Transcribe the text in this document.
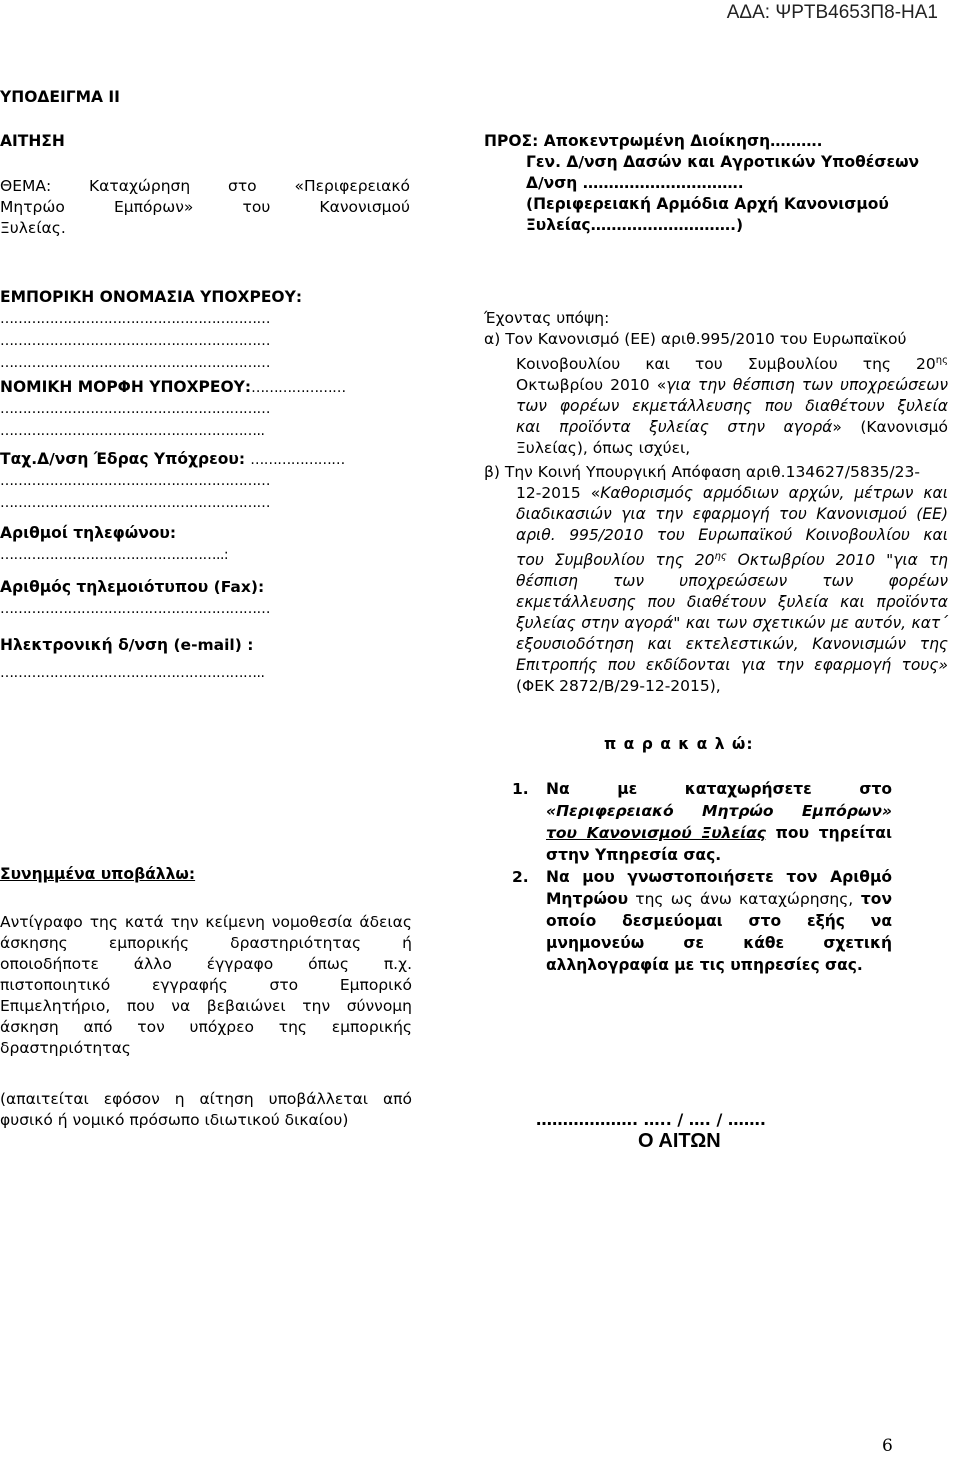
ΑΔΑ: ΨΡΤΒ4653Π8-ΗΑ1
ΥΠΟΔΕΙΓΜΑ ΙΙ
ΑΙΤΗΣΗ
ΘΕΜΑ: Καταχώρηση στο «Περιφερειακό
Μητρώο Εμπόρων» του Κανονισμού
Ξυλείας.
ΠΡΟΣ: Αποκεντρωμένη Διοίκηση……….
Γεν. Δ/νση Δασών και Αγροτικών Υποθέσεων
Δ/νση ………………………….
(Περιφερειακή Αρμόδια Αρχή Κανονισμού
Ξυλείας……………………….)
ΕΜΠΟΡΙΚΗ ΟΝΟΜΑΣΙΑ ΥΠΟΧΡΕΟΥ:
……………………………………………………
……………………………………………………
……………………………………………………
ΝΟΜΙΚΗ ΜΟΡΦΗ ΥΠΟΧΡΕΟΥ:…………………
……………………………………………………
…………………………………………………..
Ταχ.Δ/νση Έδρας Υπόχρεου: …………………
……………………………………………………
……………………………………………………
Αριθμοί τηλεφώνου:
…………………………………………..:
Αριθμός τηλεμοιότυπου (Fax):
……………………………………………………
Ηλεκτρονική δ/νση (e-mail) :
…………………………………………………..
Συνημμένα υποβάλλω:
Αντίγραφο της κατά την κείμενη νομοθεσία άδειας
άσκησης εμπορικής δραστηριότητας ή
οποιοδήποτε άλλο έγγραφο όπως π.χ.
πιστοποιητικό εγγραφής στο Εμπορικό
Επιμελητήριο, που να βεβαιώνει την σύννομη
άσκηση από τον υπόχρεο της εμπορικής
δραστηριότητας
(απαιτείται εφόσον η αίτηση υποβάλλεται από
φυσικό ή νομικό πρόσωπο ιδιωτικού δικαίου)
Έχοντας υπόψη:
α) Τον Κανονισμό (ΕΕ) αριθ.995/2010 του Ευρωπαϊκού
Κοινοβουλίου και του Συμβουλίου της $20^{\eta\varsigma}$
Οκτωβρίου 2010 «για την θέσπιση των υποχρεώσεων
των φορέων εκμετάλλευσης που διαθέτουν ξυλεία
και προϊόντα ξυλείας στην αγορά» (Κανονισμό
Ξυλείας), όπως ισχύει,
β) Την Κοινή Υπουργική Απόφαση αριθ.134627/5835/23-
12-2015 «Καθορισμός αρμόδιων αρχών, μέτρων και
διαδικασιών για την εφαρμογή του Κανονισμού (ΕΕ)
αριθ. 995/2010 του Ευρωπαϊκού Κοινοβουλίου και
του Συμβουλίου της $20^{\eta\varsigma}$ Οκτωβρίου 2010 "για τη
θέσπιση των υποχρεώσεων των φορέων
εκμετάλλευσης που διαθέτουν ξυλεία και προϊόντα
ξυλείας στην αγορά" και των σχετικών με αυτόν, κατ΄
εξουσιοδότηση και εκτελεστικών, Κανονισμών της
Επιτροπής που εκδίδονται για την εφαρμογή τους»
(ΦΕΚ 2872/Β/29-12-2015),
π α ρ α κ α λ ώ:
1. Να με καταχωρήσετε στο
«Περιφερειακό Μητρώο Εμπόρων»
του Κανονισμού Ξυλείας που τηρείται
στην Υπηρεσία σας.
2. Να μου γνωστοποιήσετε τον Αριθμό
Μητρώου της ως άνω καταχώρησης, τον
οποίο δεσμεύομαι στο εξής να
μνημονεύω σε κάθε σχετική
αλληλογραφία με τις υπηρεσίες σας.
………………. ….. / …. / …….
Ο ΑΙΤΩΝ
6
